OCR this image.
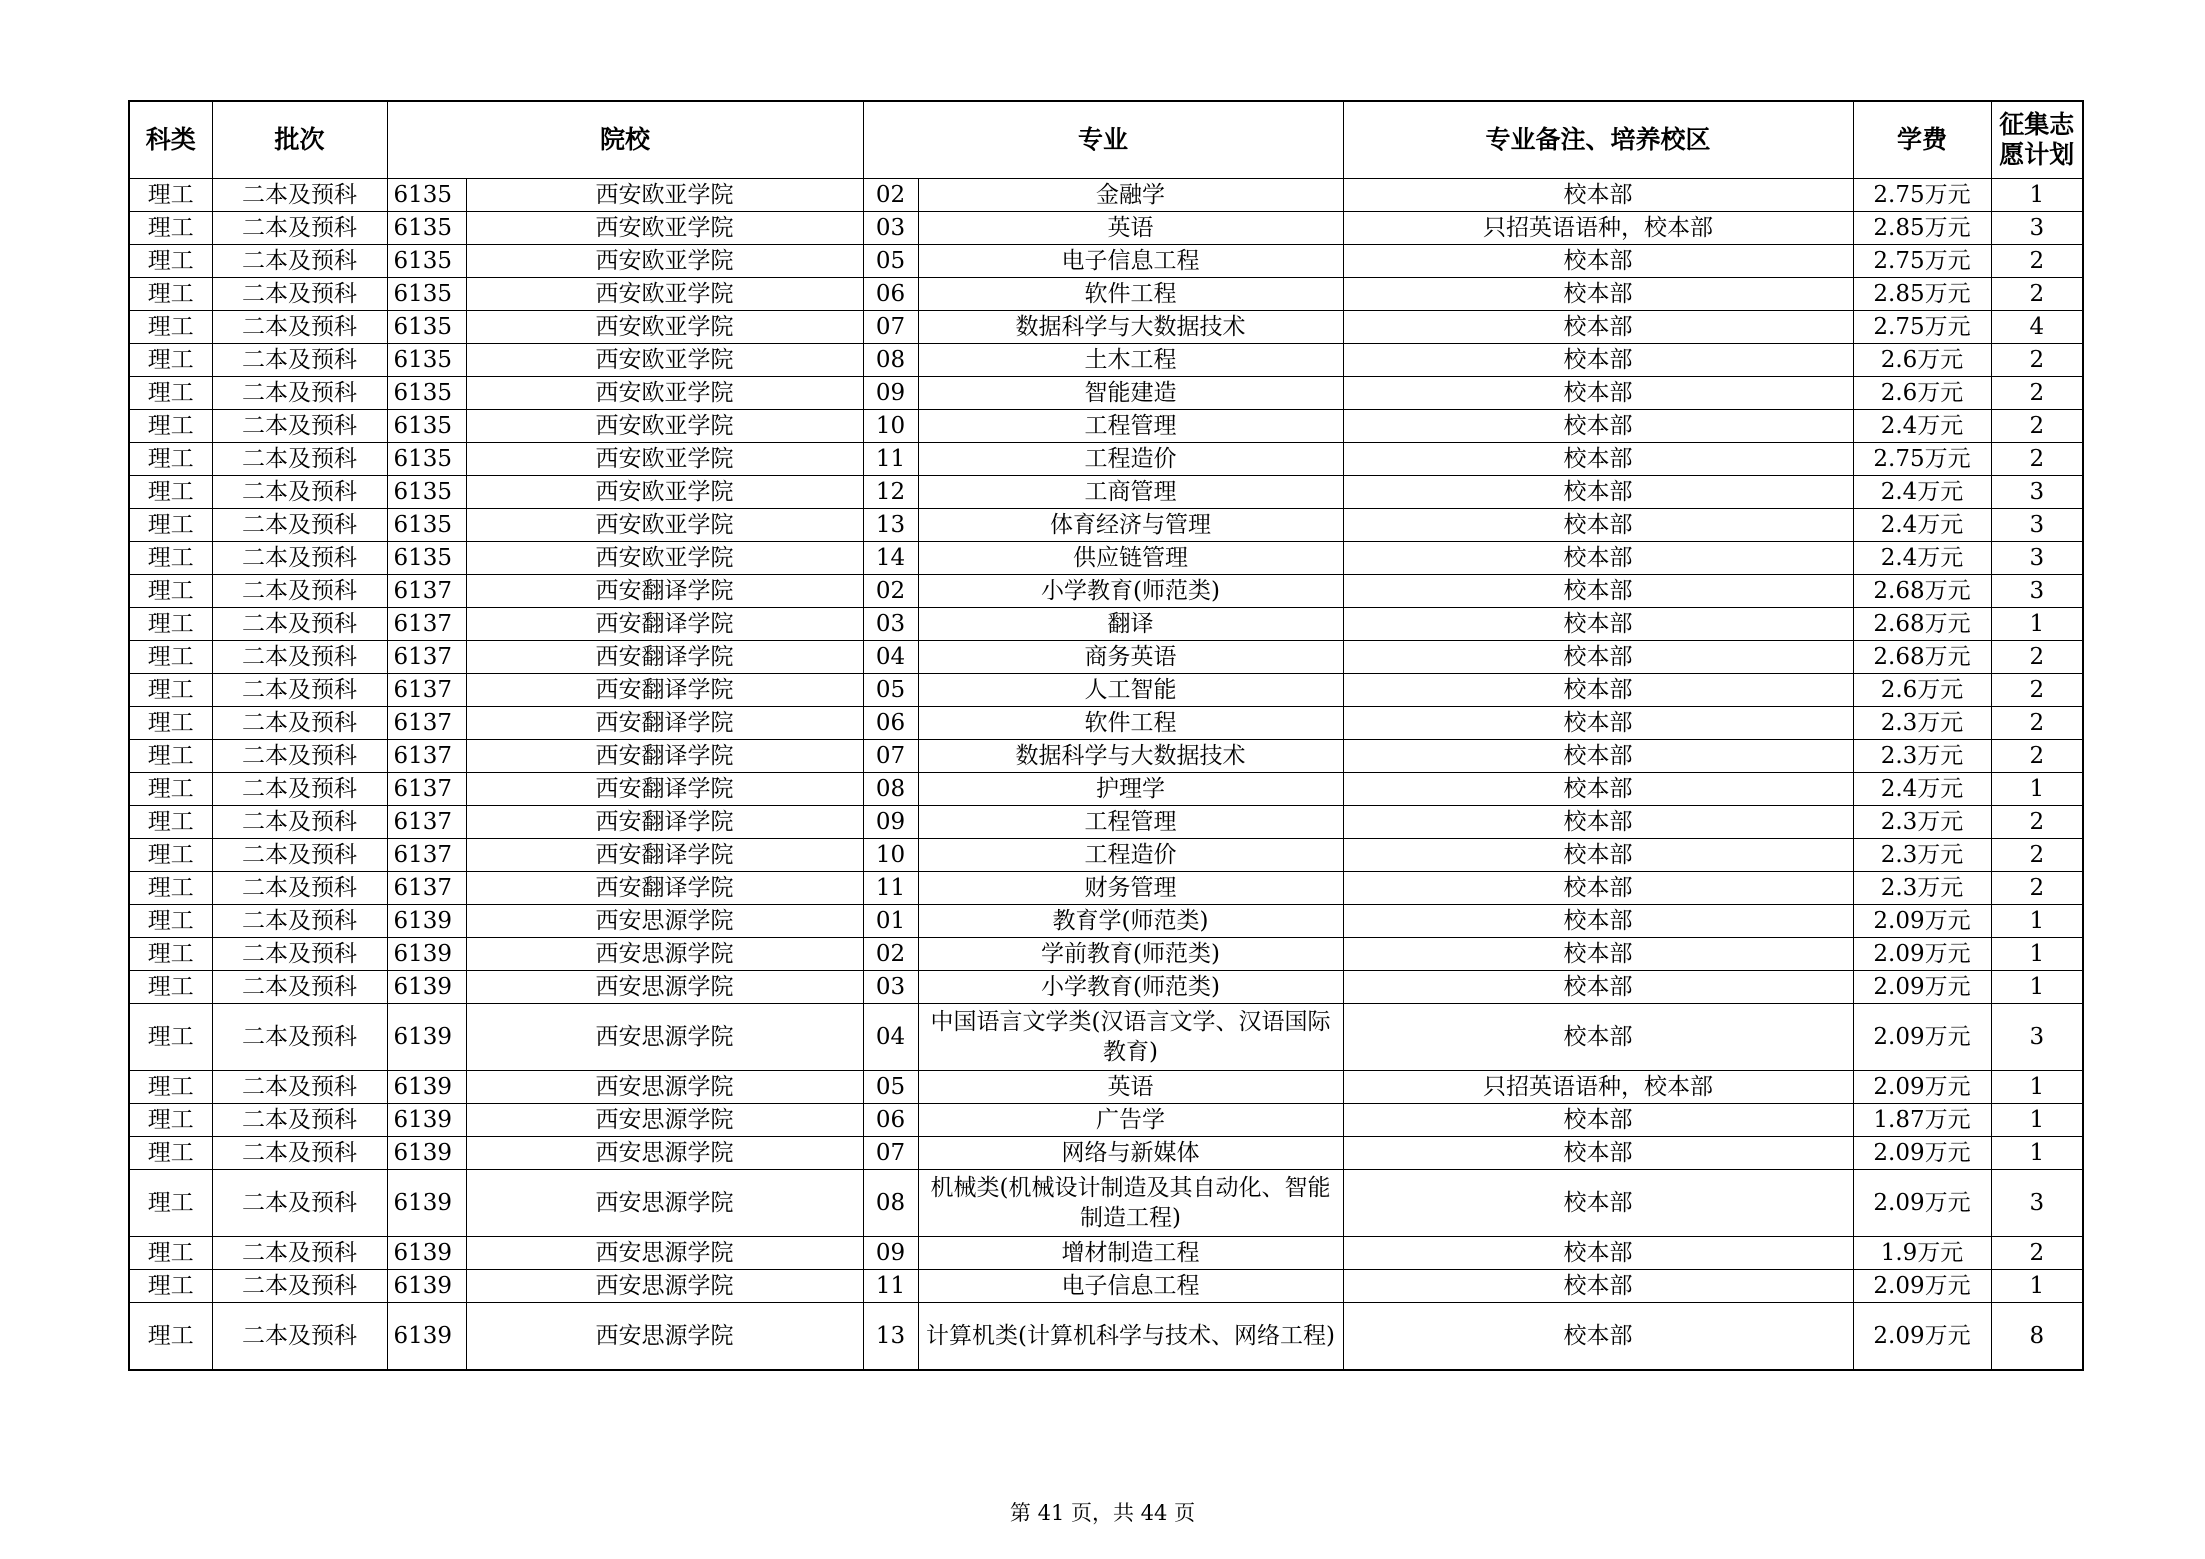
科类	批次	院校		专业		专业备注、培养校区	学费	征集志愿计划
理工	二本及预科	6135	西安欧亚学院	02	金融学	校本部	2.75万元	1
理工	二本及预科	6135	西安欧亚学院	03	英语	只招英语语种，校本部	2.85万元	3
理工	二本及预科	6135	西安欧亚学院	05	电子信息工程	校本部	2.75万元	2
理工	二本及预科	6135	西安欧亚学院	06	软件工程	校本部	2.85万元	2
理工	二本及预科	6135	西安欧亚学院	07	数据科学与大数据技术	校本部	2.75万元	4
理工	二本及预科	6135	西安欧亚学院	08	土木工程	校本部	2.6万元	2
理工	二本及预科	6135	西安欧亚学院	09	智能建造	校本部	2.6万元	2
理工	二本及预科	6135	西安欧亚学院	10	工程管理	校本部	2.4万元	2
理工	二本及预科	6135	西安欧亚学院	11	工程造价	校本部	2.75万元	2
理工	二本及预科	6135	西安欧亚学院	12	工商管理	校本部	2.4万元	3
理工	二本及预科	6135	西安欧亚学院	13	体育经济与管理	校本部	2.4万元	3
理工	二本及预科	6135	西安欧亚学院	14	供应链管理	校本部	2.4万元	3
理工	二本及预科	6137	西安翻译学院	02	小学教育(师范类)	校本部	2.68万元	3
理工	二本及预科	6137	西安翻译学院	03	翻译	校本部	2.68万元	1
理工	二本及预科	6137	西安翻译学院	04	商务英语	校本部	2.68万元	2
理工	二本及预科	6137	西安翻译学院	05	人工智能	校本部	2.6万元	2
理工	二本及预科	6137	西安翻译学院	06	软件工程	校本部	2.3万元	2
理工	二本及预科	6137	西安翻译学院	07	数据科学与大数据技术	校本部	2.3万元	2
理工	二本及预科	6137	西安翻译学院	08	护理学	校本部	2.4万元	1
理工	二本及预科	6137	西安翻译学院	09	工程管理	校本部	2.3万元	2
理工	二本及预科	6137	西安翻译学院	10	工程造价	校本部	2.3万元	2
理工	二本及预科	6137	西安翻译学院	11	财务管理	校本部	2.3万元	2
理工	二本及预科	6139	西安思源学院	01	教育学(师范类)	校本部	2.09万元	1
理工	二本及预科	6139	西安思源学院	02	学前教育(师范类)	校本部	2.09万元	1
理工	二本及预科	6139	西安思源学院	03	小学教育(师范类)	校本部	2.09万元	1
理工	二本及预科	6139	西安思源学院	04	中国语言文学类(汉语言文学、汉语国际教育)	校本部	2.09万元	3
理工	二本及预科	6139	西安思源学院	05	英语	只招英语语种，校本部	2.09万元	1
理工	二本及预科	6139	西安思源学院	06	广告学	校本部	1.87万元	1
理工	二本及预科	6139	西安思源学院	07	网络与新媒体	校本部	2.09万元	1
理工	二本及预科	6139	西安思源学院	08	机械类(机械设计制造及其自动化、智能制造工程)	校本部	2.09万元	3
理工	二本及预科	6139	西安思源学院	09	增材制造工程	校本部	1.9万元	2
理工	二本及预科	6139	西安思源学院	11	电子信息工程	校本部	2.09万元	1
理工	二本及预科	6139	西安思源学院	13	计算机类(计算机科学与技术、网络工程)	校本部	2.09万元	8
第 41 页，共 44 页
